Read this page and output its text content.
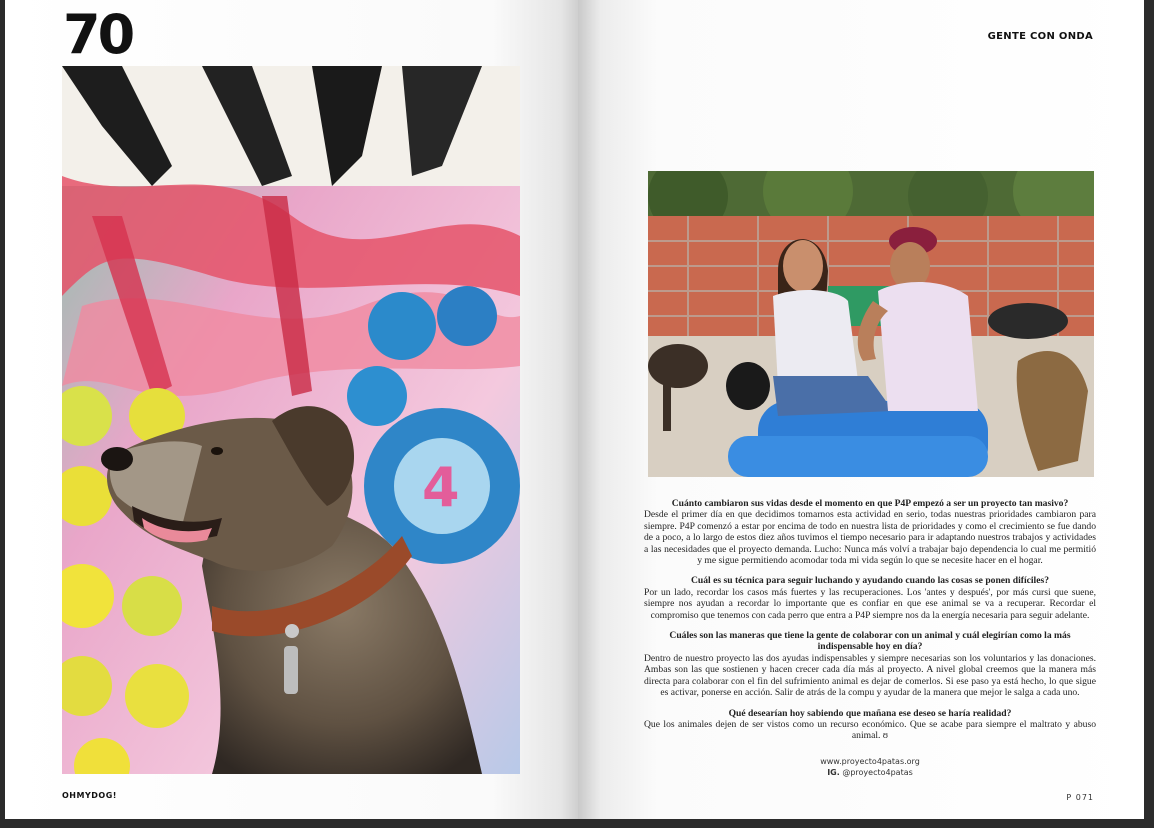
70
4
OHMYDOG!
GENTE CON ONDA
Cuánto cambiaron sus vidas desde el momento en que P4P empezó a ser un proyecto tan masivo?
Desde el primer día en que decidimos tomarnos esta actividad en serio, todas nuestras prioridades cambiaron para siempre. P4P comenzó a estar por encima de todo en nuestra lista de prioridades y como el crecimiento se fue dando de a poco, a lo largo de estos diez años tuvimos el tiempo necesario para ir adaptando nuestros trabajos y actividades a las necesidades que el proyecto demanda. Lucho: Nunca más volví a trabajar bajo dependencia lo cual me permitió y me sigue permitiendo acomodar toda mi vida según lo que se necesite hacer en el hogar.
Cuál es su técnica para seguir luchando y ayudando cuando las cosas se ponen difíciles?
Por un lado, recordar los casos más fuertes y las recuperaciones. Los 'antes y después', por más cursi que suene, siempre nos ayudan a recordar lo importante que es confiar en que ese animal se va a recuperar. Recordar el compromiso que tenemos con cada perro que entra a P4P siempre nos da la energía necesaria para seguir adelante.
Cuáles son las maneras que tiene la gente de colaborar con un animal y cuál elegirían como la más indispensable hoy en día?
Dentro de nuestro proyecto las dos ayudas indispensables y siempre necesarias son los voluntarios y las donaciones. Ambas son las que sostienen y hacen crecer cada día más al proyecto. A nivel global creemos que la manera más directa para colaborar con el fin del sufrimiento animal es dejar de comerlos. Si ese paso ya está hecho, lo que sigue es activar, ponerse en acción. Salir de atrás de la compu y ayudar de la manera que mejor le salga a cada uno.
Qué desearían hoy sabiendo que mañana ese deseo se haría realidad?
Que los animales dejen de ser vistos como un recurso económico. Que se acabe para siempre el maltrato y abuso animal. ʊ
www.proyecto4patas.org
IG. @proyecto4patas
P 071
